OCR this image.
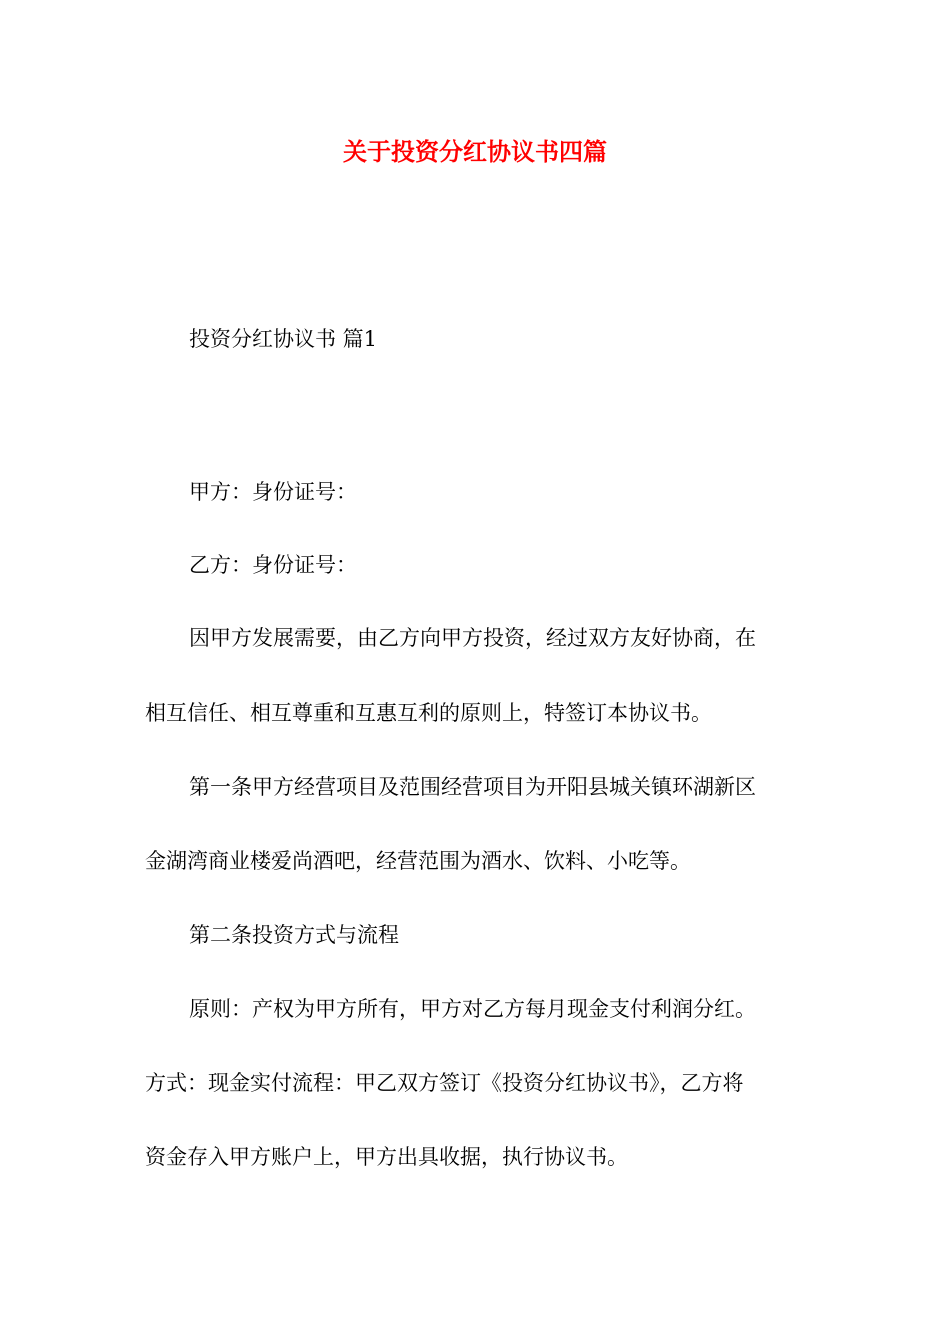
关于投资分红协议书四篇
投资分红协议书 篇1
甲方：身份证号：
乙方：身份证号：
因甲方发展需要，由乙方向甲方投资，经过双方友好协商，在
相互信任、相互尊重和互惠互利的原则上，特签订本协议书。
第一条甲方经营项目及范围经营项目为开阳县城关镇环湖新区
金湖湾商业楼爱尚酒吧，经营范围为酒水、饮料、小吃等。
第二条投资方式与流程
原则：产权为甲方所有，甲方对乙方每月现金支付利润分红。
方式：现金实付流程：甲乙双方签订《投资分红协议书》，乙方将
资金存入甲方账户上，甲方出具收据，执行协议书。
